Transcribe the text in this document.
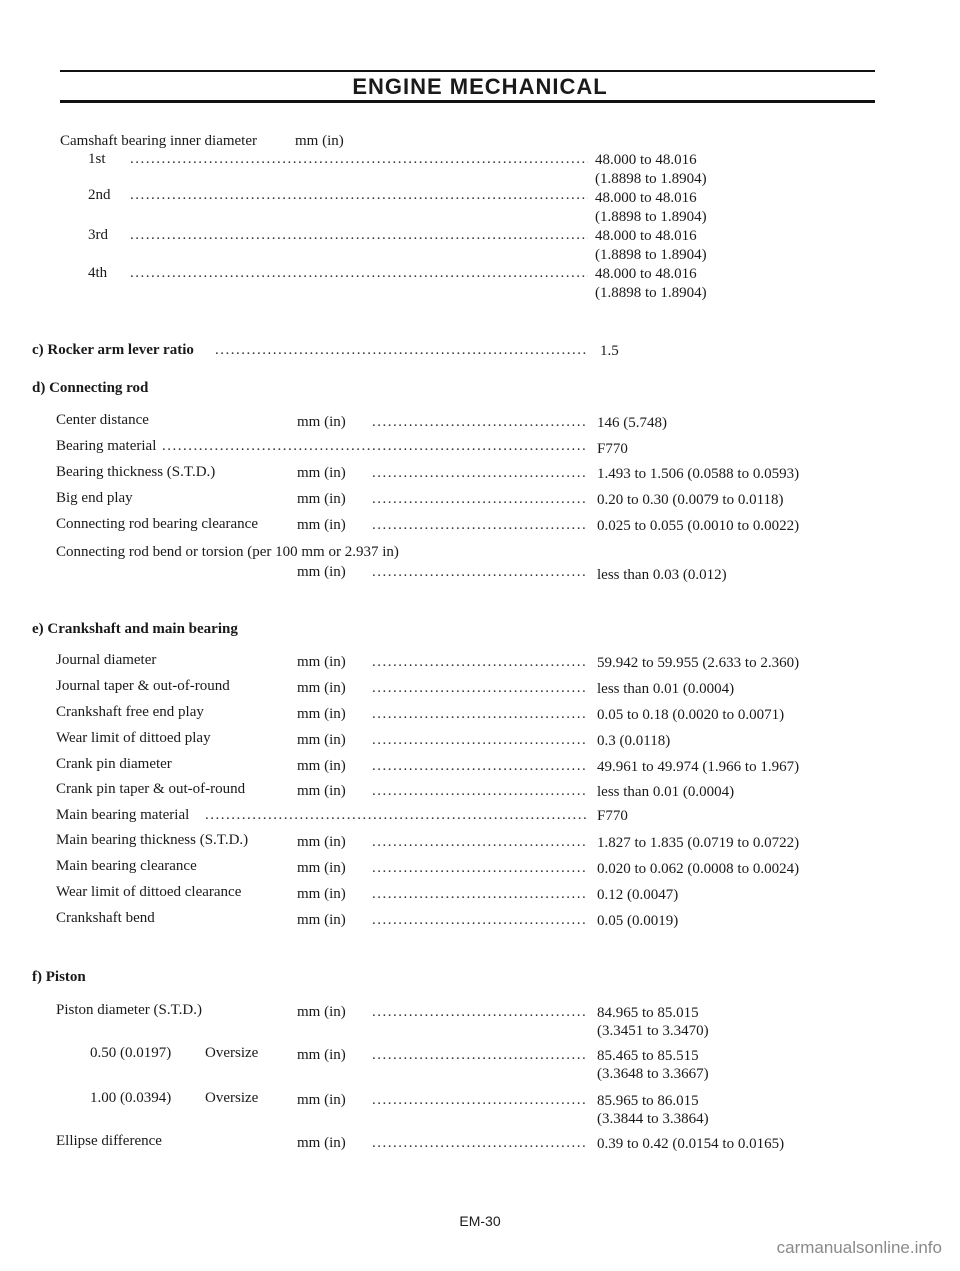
ENGINE MECHANICAL
Camshaft bearing inner diameter	mm (in)
1st .....	48.000 to 48.016
(1.8898 to 1.8904)
2nd .....	48.000 to 48.016
(1.8898 to 1.8904)
3rd .....	48.000 to 48.016
(1.8898 to 1.8904)
4th .....	48.000 to 48.016
(1.8898 to 1.8904)
c) Rocker arm lever ratio .....	1.5
d) Connecting rod
Center distance	mm (in) .....	146 (5.748)
Bearing material .....	F770
Bearing thickness (S.T.D.)	mm (in) .....	1.493 to 1.506 (0.0588 to 0.0593)
Big end play	mm (in) .....	0.20 to 0.30 (0.0079 to 0.0118)
Connecting rod bearing clearance	mm (in) .....	0.025 to 0.055 (0.0010 to 0.0022)
Connecting rod bend or torsion (per 100 mm or 2.937 in)
mm (in) .....	less than 0.03 (0.012)
e) Crankshaft and main bearing
Journal diameter	mm (in) .....	59.942 to 59.955 (2.633 to 2.360)
Journal taper & out-of-round	mm (in) .....	less than 0.01 (0.0004)
Crankshaft free end play	mm (in) .....	0.05 to 0.18 (0.0020 to 0.0071)
Wear limit of dittoed play	mm (in) .....	0.3 (0.0118)
Crank pin diameter	mm (in) .....	49.961 to 49.974 (1.966 to 1.967)
Crank pin taper & out-of-round	mm (in) .....	less than 0.01 (0.0004)
Main bearing material .....	F770
Main bearing thickness (S.T.D.)	mm (in) .....	1.827 to 1.835 (0.0719 to 0.0722)
Main bearing clearance	mm (in) .....	0.020 to 0.062 (0.0008 to 0.0024)
Wear limit of dittoed clearance	mm (in) .....	0.12 (0.0047)
Crankshaft bend	mm (in) .....	0.05 (0.0019)
f) Piston
Piston diameter (S.T.D.)	mm (in) .....	84.965 to 85.015
(3.3451 to 3.3470)
0.50 (0.0197) Oversize	mm (in) .....	85.465 to 85.515
(3.3648 to 3.3667)
1.00 (0.0394) Oversize	mm (in) .....	85.965 to 86.015
(3.3844 to 3.3864)
Ellipse difference	mm (in) .....	0.39 to 0.42 (0.0154 to 0.0165)
EM-30
carmanualsonline.info
